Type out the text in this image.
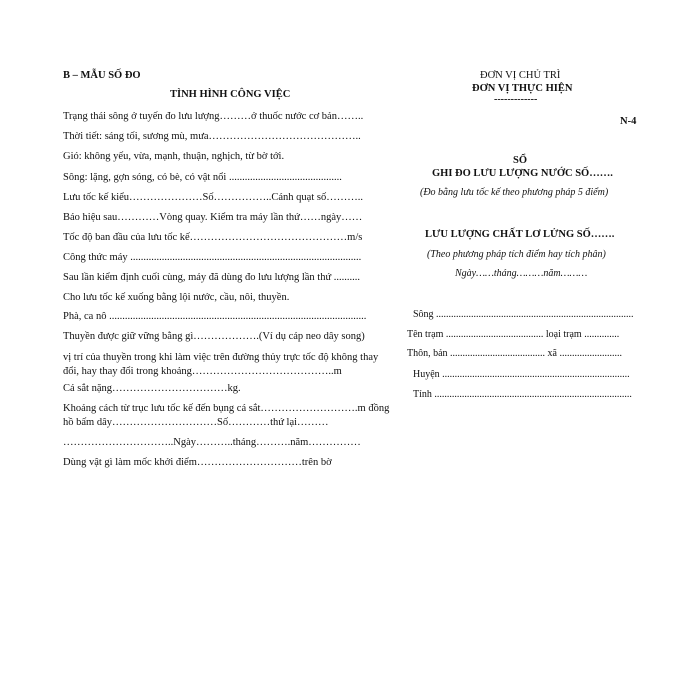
B – MẪU SỐ ĐO
TÌNH HÌNH CÔNG VIỆC
Trạng thái sông ở tuyến đo lưu lượng………ở thuốc nước cơ bản……..
Thời tiết: sáng tối, sương mù, mưa……………………………………..
Gió: không yếu, vừa, mạnh, thuận, nghịch, từ bờ tới.
Sông: lặng, gợn sóng, có bè, có vật nổi ...........................................
Lưu tốc kế kiểu…………………Số……………..Cánh quạt số………..
Báo hiệu sau…………Vòng quay. Kiểm tra máy lần thứ……ngày……
Tốc độ ban đầu của lưu tốc kế………………………………………m/s
Công thức máy ........................................................................................
Sau lần kiểm định cuối cùng, máy đã dùng đo lưu lượng lần thứ ..........
Cho lưu tốc kế xuống bằng lội nước, cầu, nôi, thuyền.
Phà, ca nô ..................................................................................................
Thuyền được giữ vững bằng gì……………….(Ví dụ cáp neo dây song)
vị trí của thuyền trong khi làm việc trên đường thủy trực tốc độ không thay
đổi, hay thay đổi trong khoảng…………………………………..m
Cá sắt nặng……………………………kg.
Khoảng cách từ trục lưu tốc kế đến bụng cá sắt……………………….m đồng
hồ bấm dây…………………………Số…………thứ lại………
…………………………..Ngày………..tháng……….năm……………
Dùng vật gì làm mốc khởi điểm…………………………trên bờ
ĐƠN VỊ CHỦ TRÌ
ĐƠN VỊ THỰC HIỆN
-------------
N-4
SỔ
GHI ĐO LƯU LƯỢNG NƯỚC SỐ…….
(Đo bằng lưu tốc kế theo phương pháp 5 điểm)
LƯU LƯỢNG CHẤT LƠ LỬNG SỐ…….
(Theo phương pháp tích điểm hay tích phân)
Ngày……tháng………năm………
Sông ...............................................................................
Tên trạm ....................................... loại trạm ..............
Thôn, bản ...................................... xã .........................
Huyện ...........................................................................
Tỉnh ...............................................................................
